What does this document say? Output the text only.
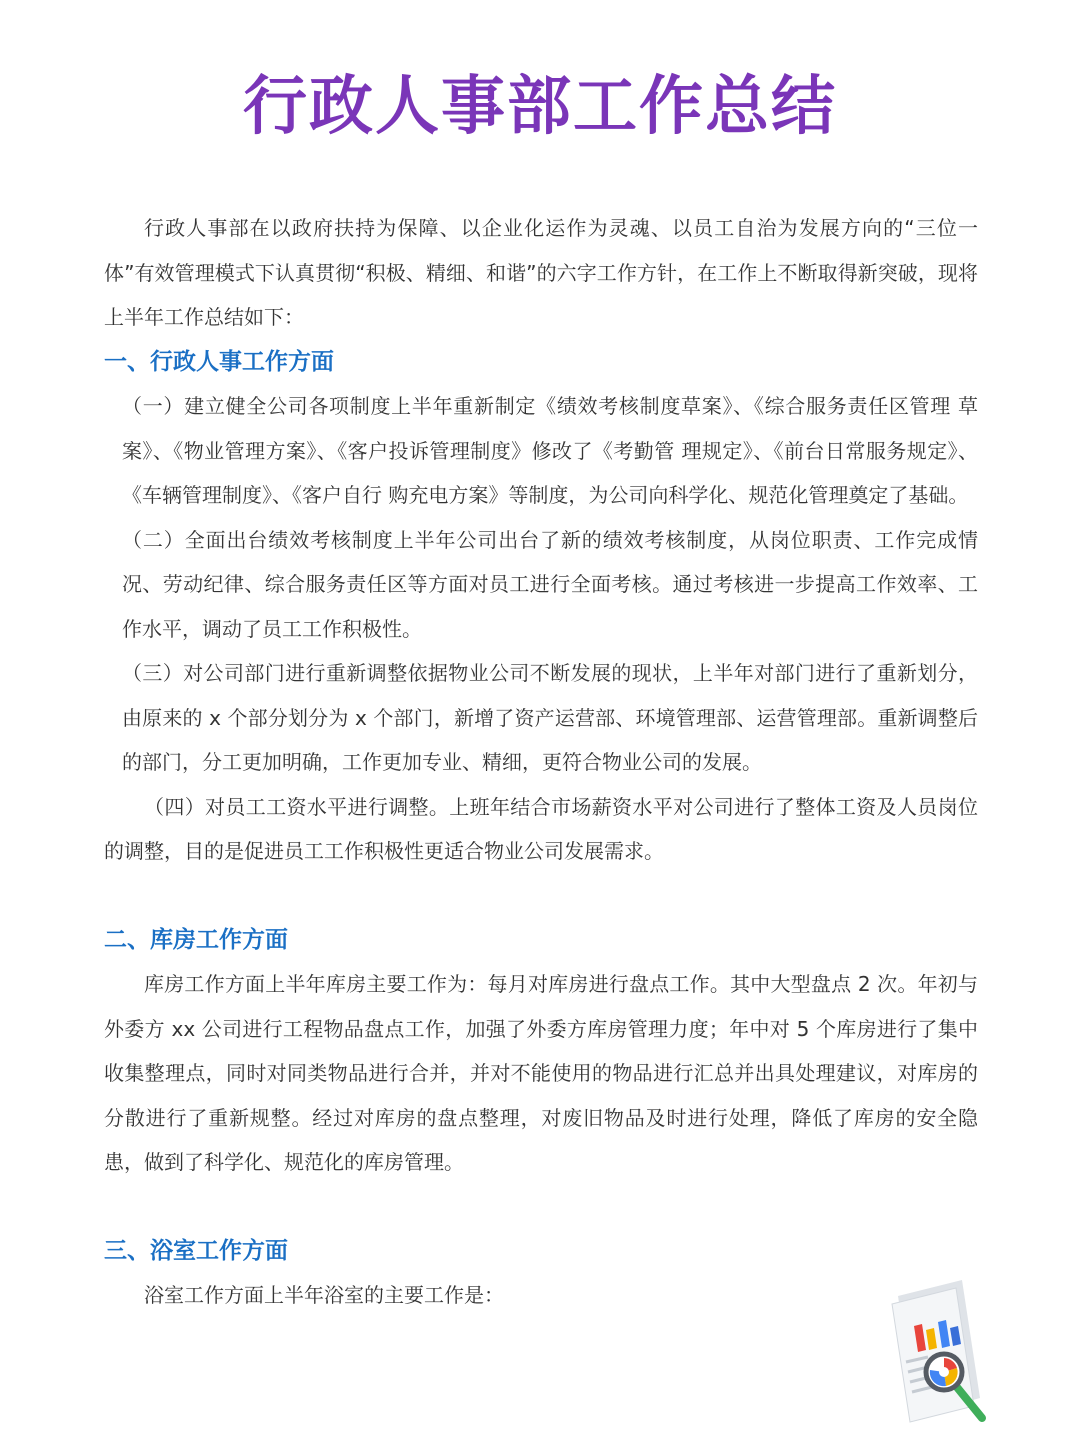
行政人事部工作总结

行政人事部在以政府扶持为保障、以企业化运作为灵魂、以员工自治为发展方向的“三位一体”有效管理模式下认真贯彻“积极、精细、和谐”的六字工作方针，在工作上不断取得新突破，现将上半年工作总结如下：

一、行政人事工作方面

（一）建立健全公司各项制度上半年重新制定《绩效考核制度草案》、《综合服务责任区管理 草案》、《物业管理方案》、《客户投诉管理制度》修改了《考勤管 理规定》、《前台日常服务规定》、《车辆管理制度》、《客户自行 购充电方案》等制度，为公司向科学化、规范化管理奠定了基础。

（二）全面出台绩效考核制度上半年公司出台了新的绩效考核制度，从岗位职责、工作完成情况、劳动纪律、综合服务责任区等方面对员工进行全面考核。通过考核进一步提高工作效率、工作水平，调动了员工工作积极性。

（三）对公司部门进行重新调整依据物业公司不断发展的现状，上半年对部门进行了重新划分，由原来的 x 个部分划分为 x 个部门，新增了资产运营部、环境管理部、运营管理部。重新调整后的部门，分工更加明确，工作更加专业、精细，更符合物业公司的发展。

（四）对员工工资水平进行调整。上班年结合市场薪资水平对公司进行了整体工资及人员岗位的调整，目的是促进员工工作积极性更适合物业公司发展需求。

二、库房工作方面

库房工作方面上半年库房主要工作为：每月对库房进行盘点工作。其中大型盘点 2 次。年初与外委方 xx 公司进行工程物品盘点工作，加强了外委方库房管理力度；年中对 5 个库房进行了集中收集整理点，同时对同类物品进行合并，并对不能使用的物品进行汇总并出具处理建议，对库房的分散进行了重新规整。经过对库房的盘点整理，对废旧物品及时进行处理，降低了库房的安全隐患，做到了科学化、规范化的库房管理。

三、浴室工作方面

浴室工作方面上半年浴室的主要工作是：
